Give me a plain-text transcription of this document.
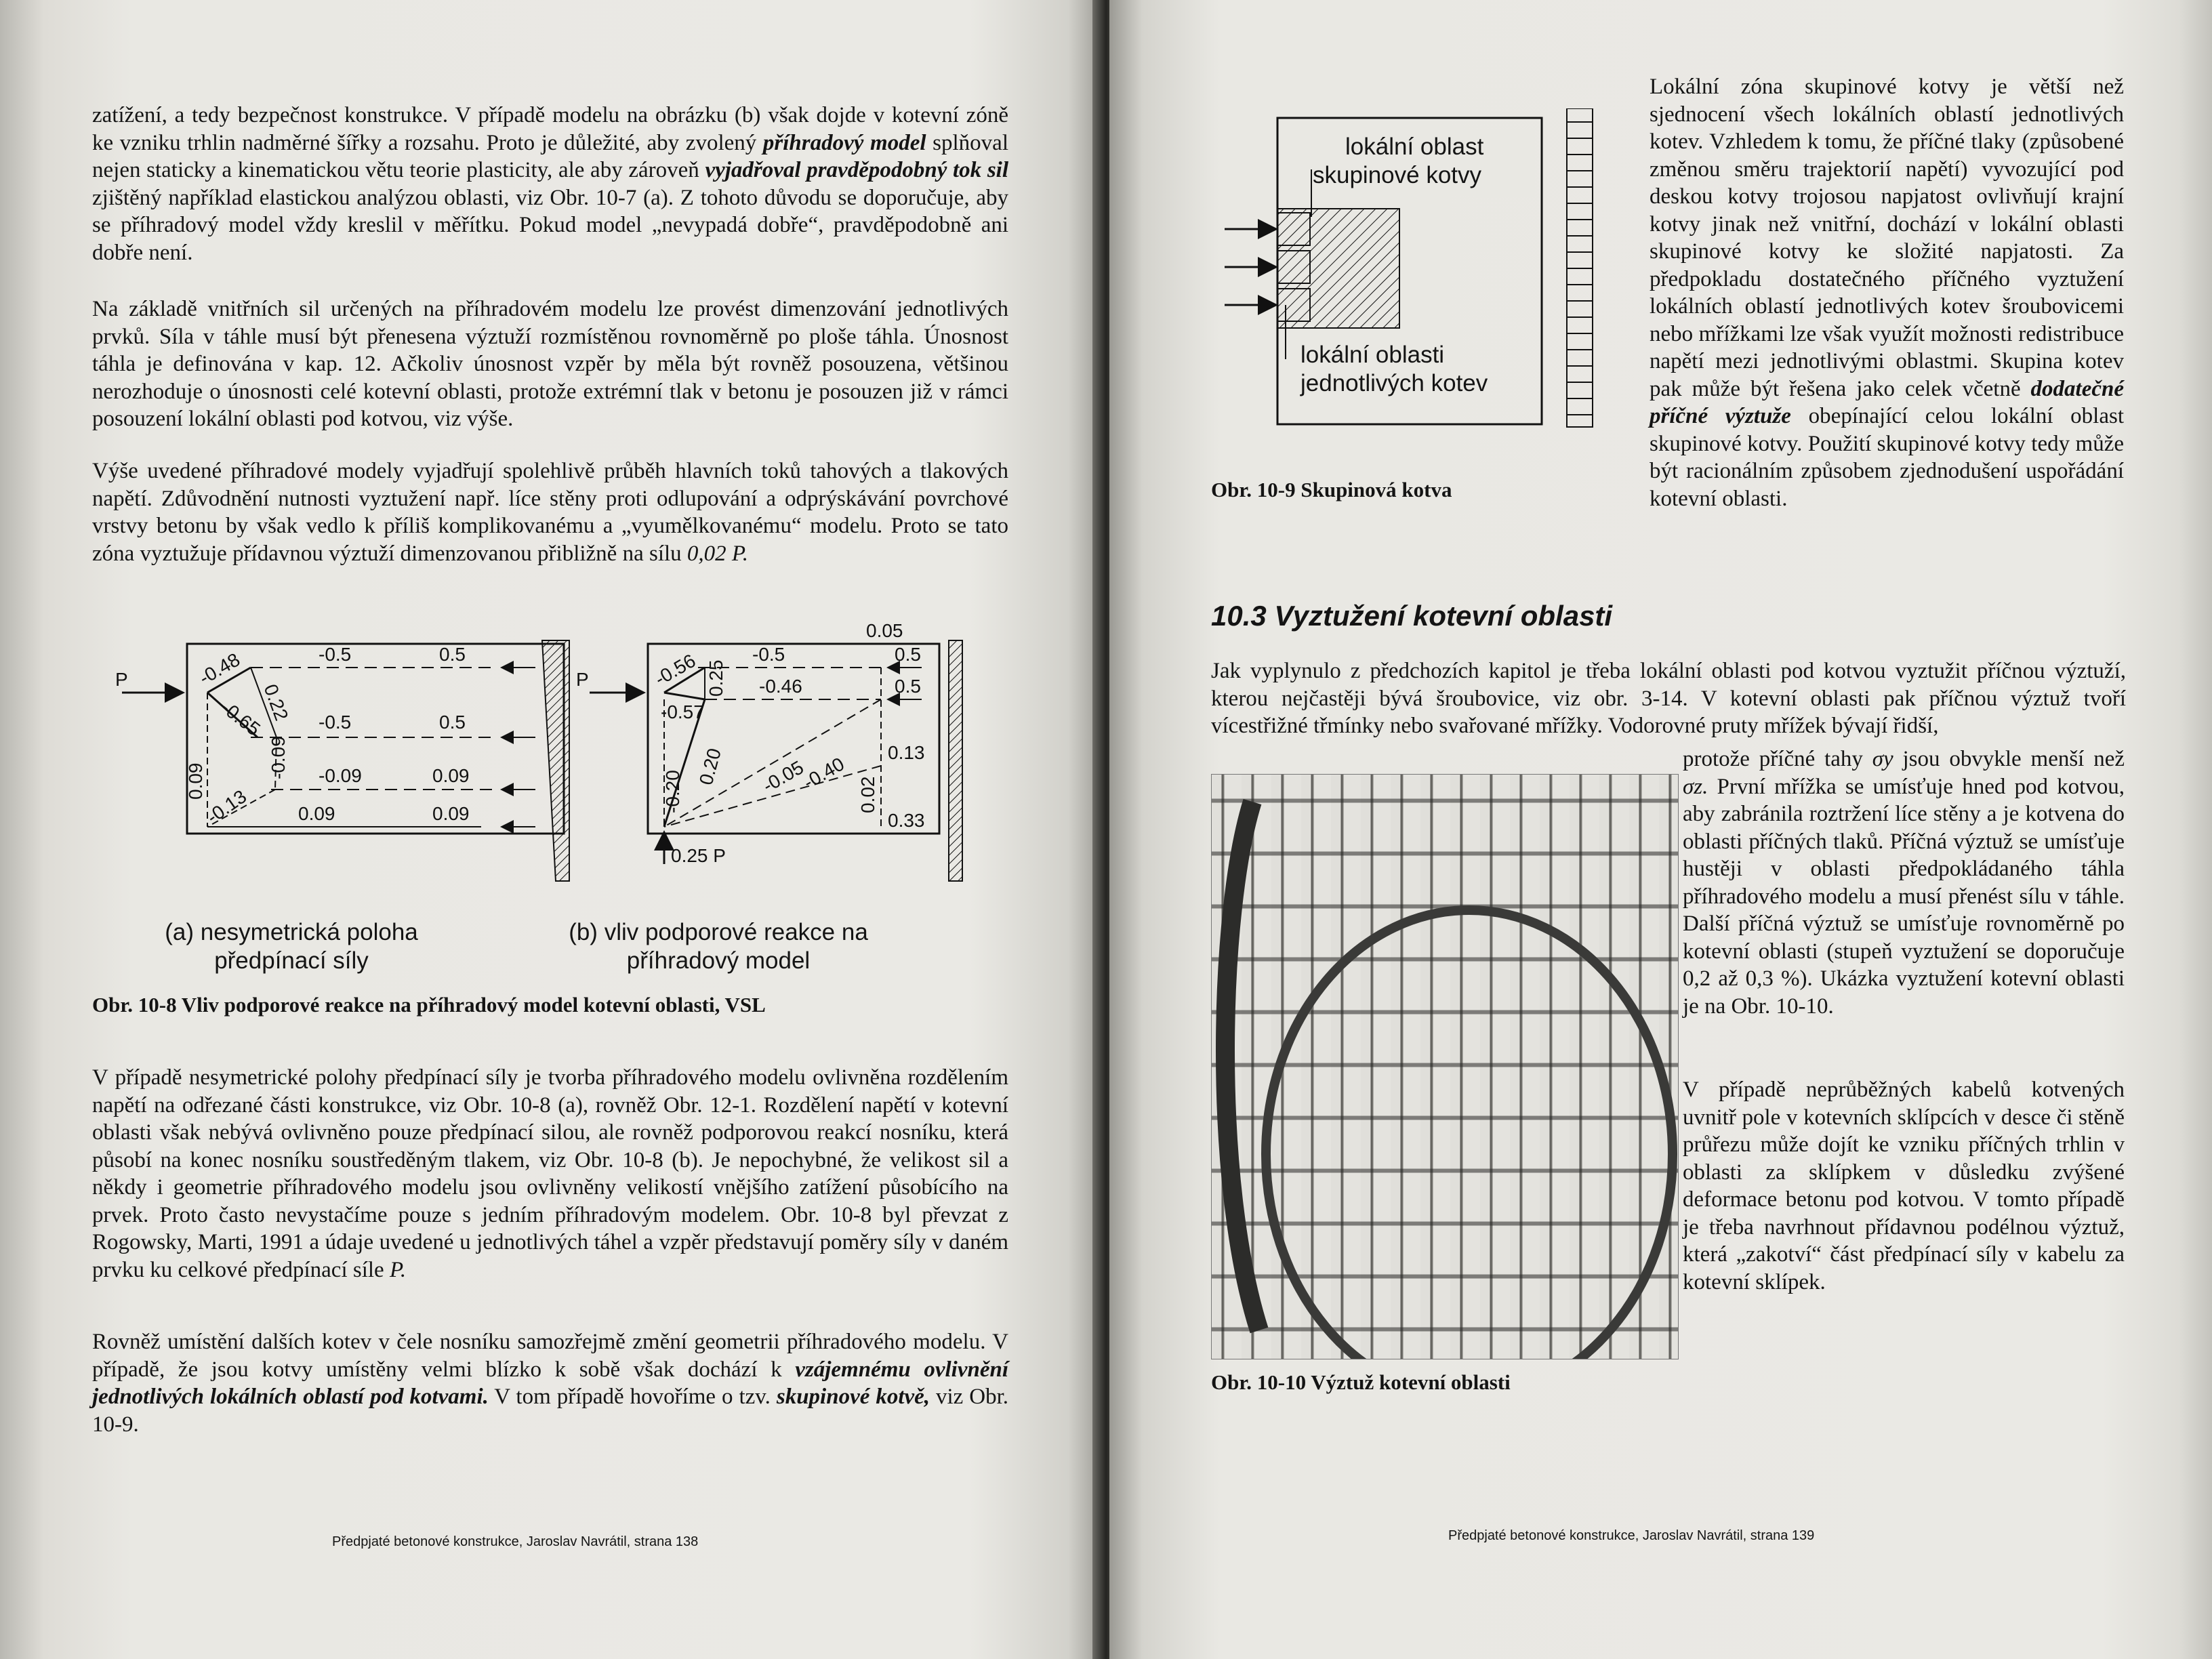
zatížení, a tedy bezpečnost konstrukce. V případě modelu na obrázku (b) však dojde v kotevní zóně ke vzniku trhlin nadměrné šířky a rozsahu. Proto je důležité, aby zvolený příhradový model splňoval nejen staticky a kinematickou větu teorie plasticity, ale aby zároveň vyjadřoval pravděpodobný tok sil zjištěný například elastickou analýzou oblasti, viz Obr. 10-7 (a). Z tohoto důvodu se doporučuje, aby se příhradový model vždy kreslil v měřítku. Pokud model „nevypadá dobře“, pravděpodobně ani dobře není.

Na základě vnitřních sil určených na příhradovém modelu lze provést dimenzování jednotlivých prvků. Síla v táhle musí být přenesena výztuží rozmístěnou rovnoměrně po ploše táhla. Únosnost táhla je definována v kap. 12. Ačkoliv únosnost vzpěr by měla být rovněž posouzena, většinou nerozhoduje o únosnosti celé kotevní oblasti, protože extrémní tlak v betonu je posouzen již v rámci posouzení lokální oblasti pod kotvou, viz výše.

Výše uvedené příhradové modely vyjadřují spolehlivě průběh hlavních toků tahových a tlakových napětí. Zdůvodnění nutnosti vyztužení např. líce stěny proti odlupování a odprýskávání povrchové vrstvy betonu by však vedlo k příliš komplikovanému a „vyumělkovanému“ modelu. Proto se tato zóna vyztužuje přídavnou výztuží dimenzovanou přibližně na sílu 0,02 P.

P
-0.5
-0.5
-0.09
0.09
-0.48
0.22
-0.65
-0.09
-0.13
0.09
0.5
0.5
0.09
0.09
P
0.05
-0.5
-0.46
-0.56
-0.57
0.25
-0.20
0.20 -0.05
-0.40
0.02
0.5
0.5
0.13
0.33
0.25 P

(a) nesymetrická poloha
předpínací síly

(b) vliv podporové reakce na
příhradový model

Obr. 10-8 Vliv podporové reakce na příhradový model kotevní oblasti, VSL

V případě nesymetrické polohy předpínací síly je tvorba příhradového modelu ovlivněna rozdělením napětí na odřezané části konstrukce, viz Obr. 10-8 (a), rovněž Obr. 12-1. Rozdělení napětí v kotevní oblasti však nebývá ovlivněno pouze předpínací silou, ale rovněž podporovou reakcí nosníku, která působí na konec nosníku soustředěným tlakem, viz Obr. 10-8 (b). Je nepochybné, že velikost sil a někdy i geometrie příhradového modelu jsou ovlivněny velikostí vnějšího zatížení působícího na prvek. Proto často nevystačíme pouze s jedním příhradovým modelem. Obr. 10-8 byl převzat z Rogowsky, Marti, 1991 a údaje uvedené u jednotlivých táhel a vzpěr představují poměry síly v daném prvku ku celkové předpínací síle P.

Rovněž umístění dalších kotev v čele nosníku samozřejmě změní geometrii příhradového modelu. V případě, že jsou kotvy umístěny velmi blízko k sobě však dochází k vzájemnému ovlivnění jednotlivých lokálních oblastí pod kotvami. V tom případě hovoříme o tzv. skupinové kotvě, viz Obr. 10-9.

Předpjaté betonové konstrukce, Jaroslav Navrátil, strana 138

lokální oblast
skupinové kotvy

lokální oblasti
jednotlivých kotev

Obr. 10-9 Skupinová kotva

Lokální zóna skupinové kotvy je větší než sjednocení všech lokálních oblastí jednotlivých kotev. Vzhledem k tomu, že příčné tlaky (způsobené změnou směru trajektorií napětí) vyvozující pod deskou kotvy trojosou napjatost ovlivňují krajní kotvy jinak než vnitřní, dochází v lokální oblasti skupinové kotvy ke složité napjatosti. Za předpokladu dostatečného příčného vyztužení lokálních oblastí jednotlivých kotev šroubovicemi nebo mřížkami lze však využít možnosti redistribuce napětí mezi jednotlivými oblastmi. Skupina kotev pak může být řešena jako celek včetně dodatečné příčné výztuže obepínající celou lokální oblast skupinové kotvy. Použití skupinové kotvy tedy může být racionálním způsobem zjednodušení uspořádání kotevní oblasti.

10.3 Vyztužení kotevní oblasti

Jak vyplynulo z předchozích kapitol je třeba lokální oblasti pod kotvou vyztužit příčnou výztuží, kterou nejčastěji bývá šroubovice, viz obr. 3-14. V kotevní oblasti pak příčnou výztuž tvoří vícestřižné třmínky nebo svařované mřížky. Vodorovné pruty mřížek bývají řidší,

protože příčné tahy σy jsou obvykle menší než σz. První mřížka se umísťuje hned pod kotvou, aby zabránila roztržení líce stěny a je kotvena do oblasti příčných tlaků. Příčná výztuž se umísťuje hustěji v oblasti předpokládaného táhla příhradového modelu a musí přenést sílu v táhle. Další příčná výztuž se umísťuje rovnoměrně po kotevní oblasti (stupeň vyztužení se doporučuje 0,2 až 0,3 %). Ukázka vyztužení kotevní oblasti je na Obr. 10-10.

V případě neprůběžných kabelů kotvených uvnitř pole v kotevních sklípcích v desce či stěně průřezu může dojít ke vzniku příčných trhlin v oblasti za sklípkem v důsledku zvýšené deformace betonu pod kotvou. V tomto případě je třeba navrhnout přídavnou podélnou výztuž, která „zakotví“ část předpínací síly v kabelu za kotevní sklípek.

Obr. 10-10 Výztuž kotevní oblasti

Předpjaté betonové konstrukce, Jaroslav Navrátil, strana 139
